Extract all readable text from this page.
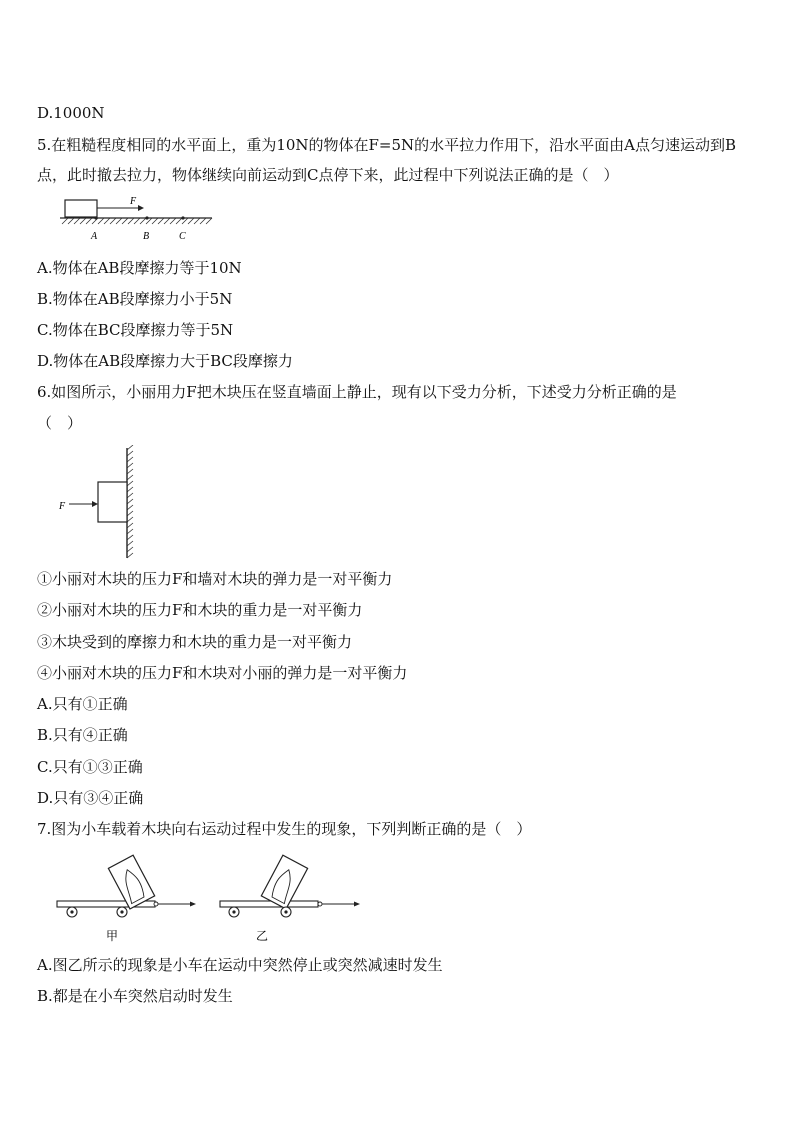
D.1000N
5.在粗糙程度相同的水平面上，重为10N的物体在F=5N的水平拉力作用下，沿水平面由A点匀速运动到B
点，此时撤去拉力，物体继续向前运动到C点停下来，此过程中下列说法正确的是（　）
F
A	B	C
A.物体在AB段摩擦力等于10N
B.物体在AB段摩擦力小于5N
C.物体在BC段摩擦力等于5N
D.物体在AB段摩擦力大于BC段摩擦力
6.如图所示，小丽用力F把木块压在竖直墙面上静止，现有以下受力分析，下述受力分析正确的是
（　）
F
①小丽对木块的压力F和墙对木块的弹力是一对平衡力
②小丽对木块的压力F和木块的重力是一对平衡力
③木块受到的摩擦力和木块的重力是一对平衡力
④小丽对木块的压力F和木块对小丽的弹力是一对平衡力
A.只有①正确
B.只有④正确
C.只有①③正确
D.只有③④正确
7.图为小车载着木块向右运动过程中发生的现象，下列判断正确的是（　）
甲	乙
A.图乙所示的现象是小车在运动中突然停止或突然减速时发生
B.都是在小车突然启动时发生
